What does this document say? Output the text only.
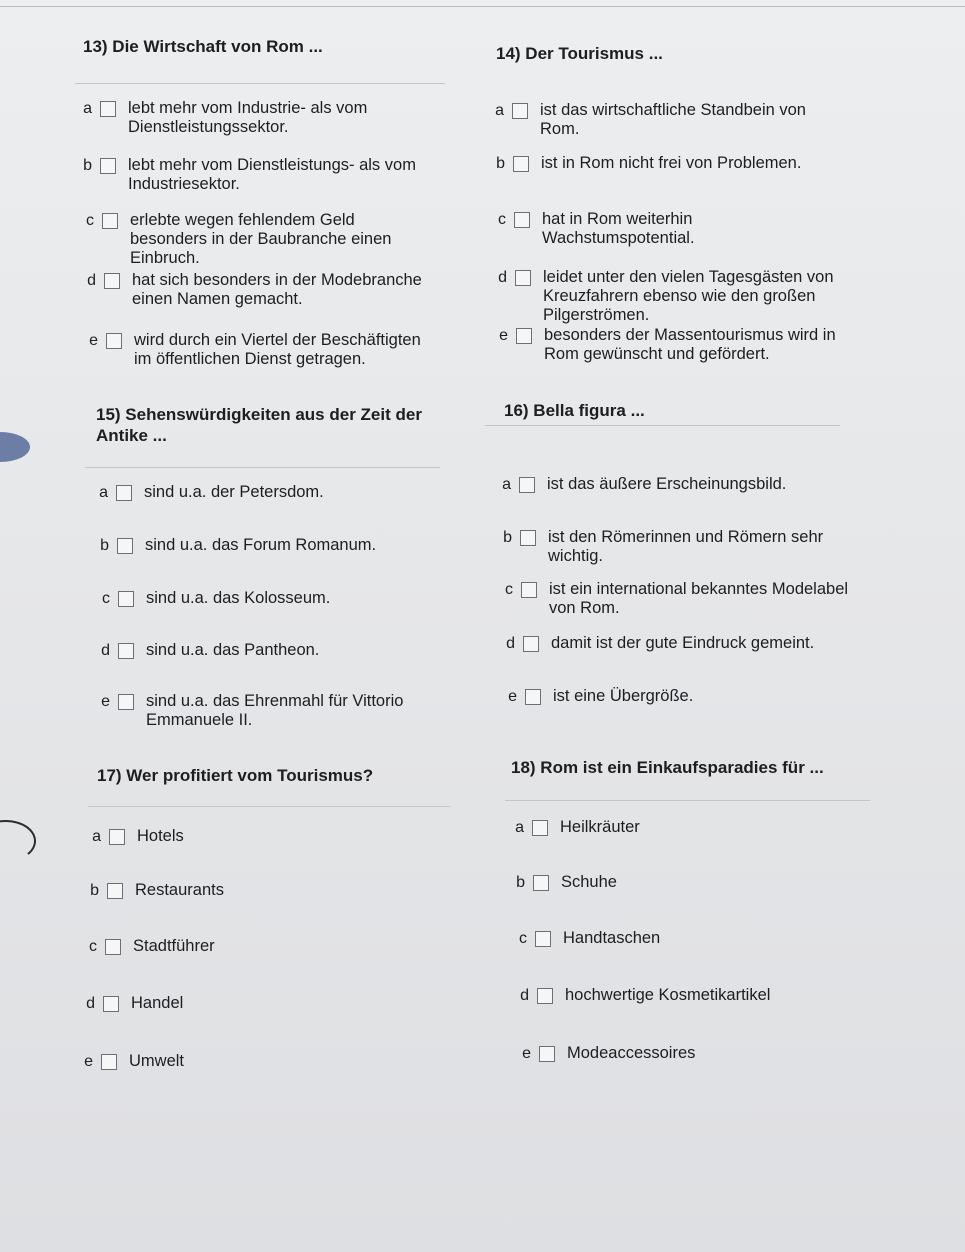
13) Die Wirtschaft von Rom ...
a lebt mehr vom Industrie- als vom
Dienstleistungssektor.
b lebt mehr vom Dienstleistungs- als vom
Industriesektor.
c erlebte wegen fehlendem Geld
besonders in der Baubranche einen
Einbruch.
d hat sich besonders in der Modebranche
einen Namen gemacht.
e wird durch ein Viertel der Beschäftigten
im öffentlichen Dienst getragen.
14) Der Tourismus ...
a ist das wirtschaftliche Standbein von
Rom.
b ist in Rom nicht frei von Problemen.
c hat in Rom weiterhin
Wachstumspotential.
d leidet unter den vielen Tagesgästen von
Kreuzfahrern ebenso wie den großen
Pilgerströmen.
e besonders der Massentourismus wird in
Rom gewünscht und gefördert.
15) Sehenswürdigkeiten aus der Zeit der
Antike ...
a sind u.a. der Petersdom.
b sind u.a. das Forum Romanum.
c sind u.a. das Kolosseum.
d sind u.a. das Pantheon.
e sind u.a. das Ehrenmahl für Vittorio
Emmanuele II.
16) Bella figura ...
a ist das äußere Erscheinungsbild.
b ist den Römerinnen und Römern sehr
wichtig.
c ist ein international bekanntes Modelabel
von Rom.
d damit ist der gute Eindruck gemeint.
e ist eine Übergröße.
17) Wer profitiert vom Tourismus?
a Hotels
b Restaurants
c Stadtführer
d Handel
e Umwelt
18) Rom ist ein Einkaufsparadies für ...
a Heilkräuter
b Schuhe
c Handtaschen
d hochwertige Kosmetikartikel
e Modeaccessoires
